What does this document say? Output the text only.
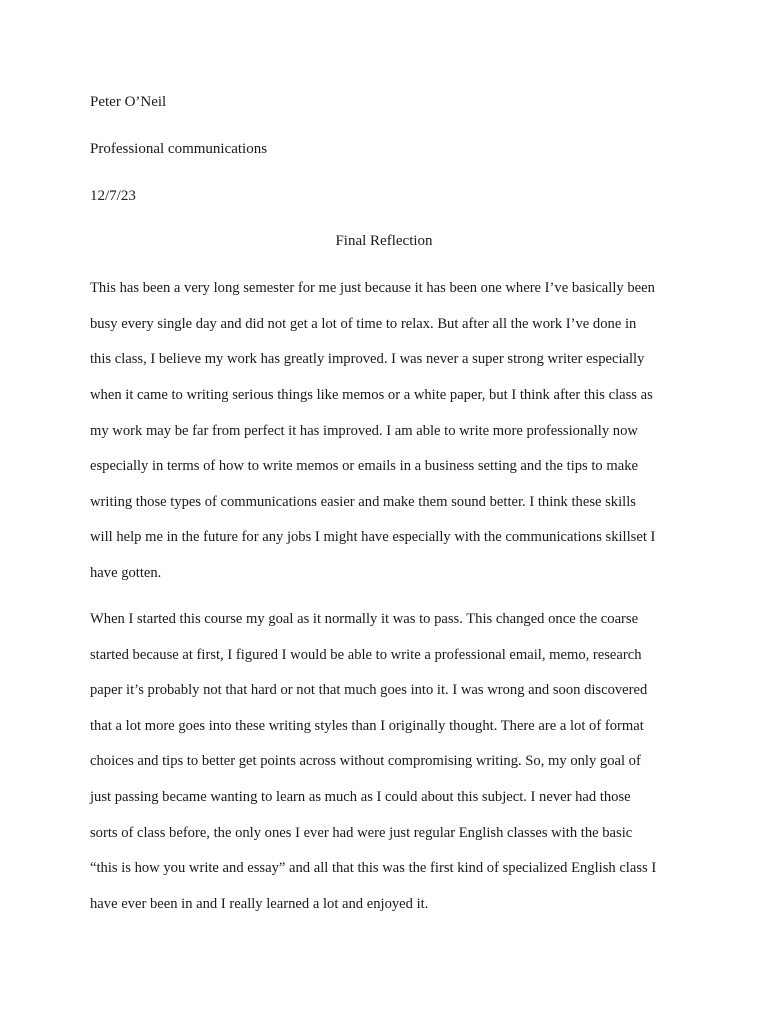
Peter O’Neil
Professional communications
12/7/23
Final Reflection
This has been a very long semester for me just because it has been one where I’ve basically been
busy every single day and did not get a lot of time to relax. But after all the work I’ve done in
this class, I believe my work has greatly improved. I was never a super strong writer especially
when it came to writing serious things like memos or a white paper, but I think after this class as
my work may be far from perfect it has improved. I am able to write more professionally now
especially in terms of how to write memos or emails in a business setting and the tips to make
writing those types of communications easier and make them sound better. I think these skills
will help me in the future for any jobs I might have especially with the communications skillset I
have gotten.
When I started this course my goal as it normally it was to pass. This changed once the coarse
started because at first, I figured I would be able to write a professional email, memo, research
paper it’s probably not that hard or not that much goes into it. I was wrong and soon discovered
that a lot more goes into these writing styles than I originally thought. There are a lot of format
choices and tips to better get points across without compromising writing. So, my only goal of
just passing became wanting to learn as much as I could about this subject. I never had those
sorts of class before, the only ones I ever had were just regular English classes with the basic
“this is how you write and essay” and all that this was the first kind of specialized English class I
have ever been in and I really learned a lot and enjoyed it.
